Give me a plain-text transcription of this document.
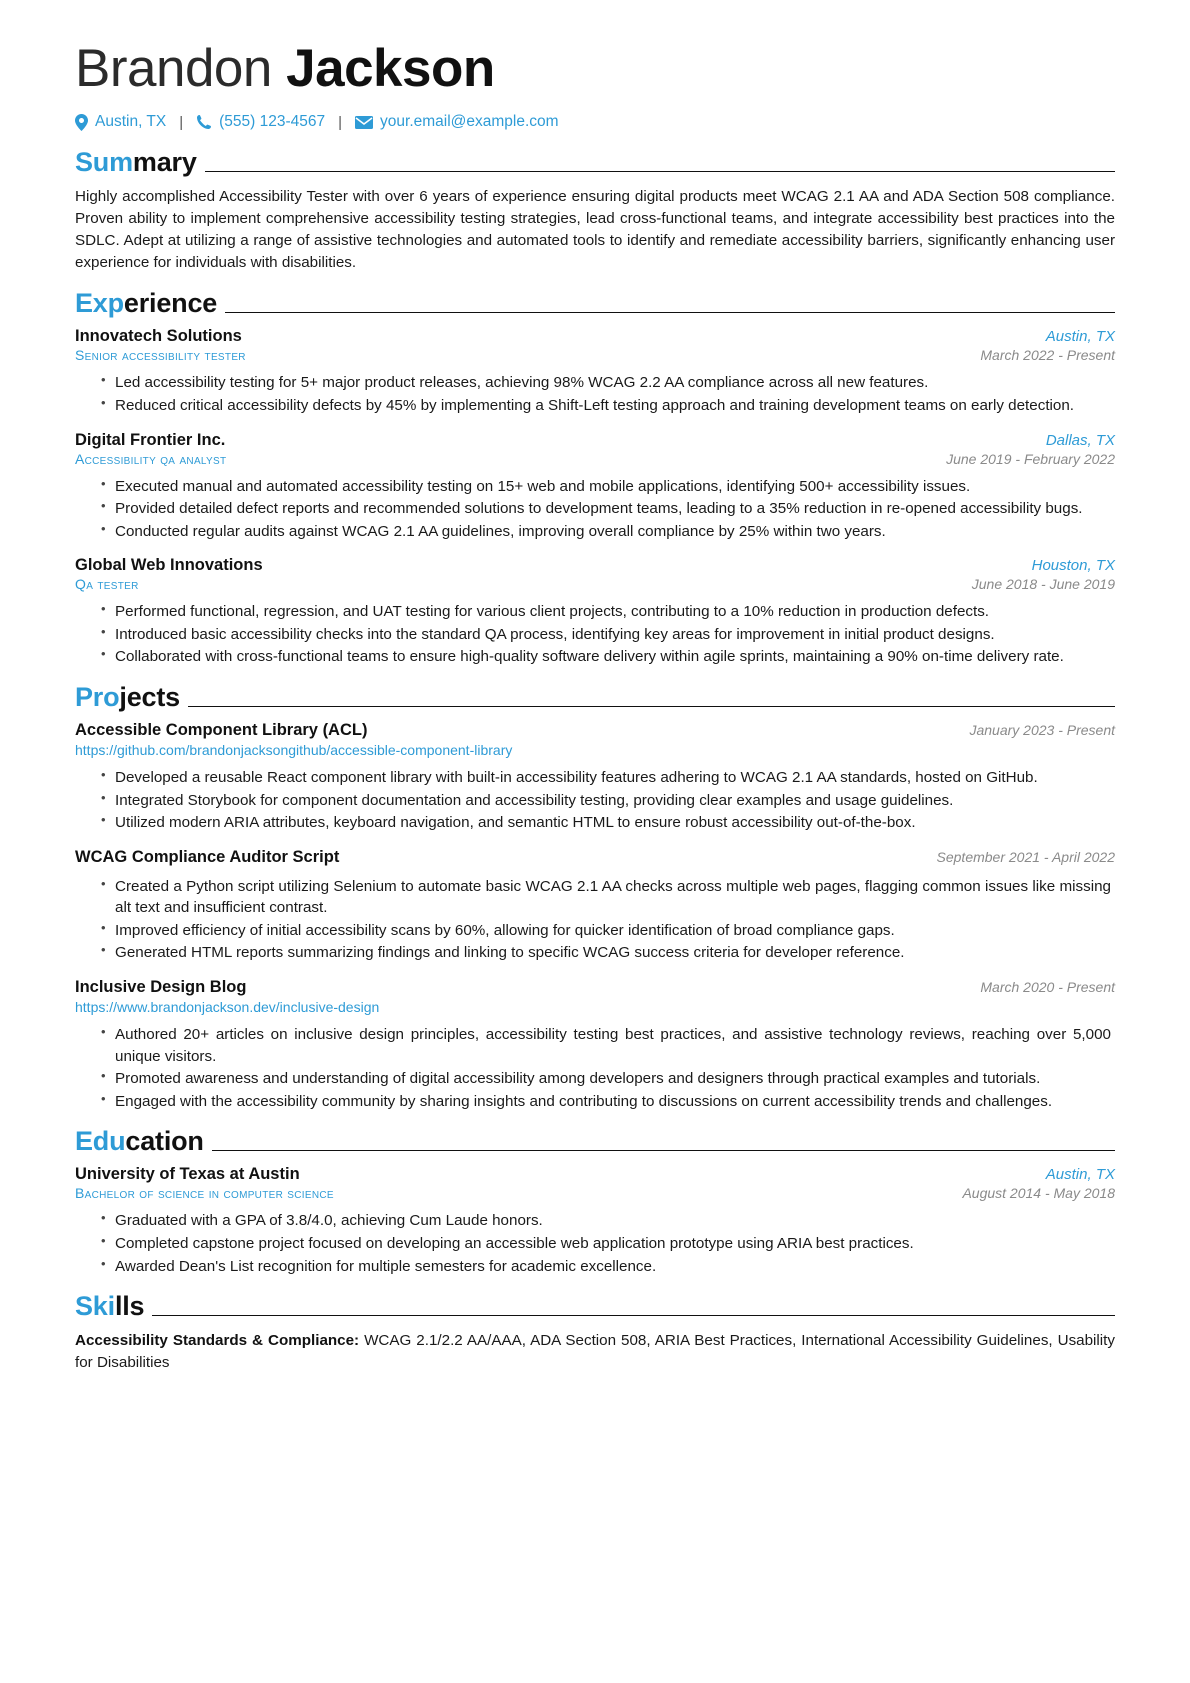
Brandon Jackson
Austin, TX | (555) 123-4567 | your.email@example.com
Summary

Highly accomplished Accessibility Tester with over 6 years of experience ensuring digital products meet WCAG 2.1 AA and ADA Section 508 compliance. Proven ability to implement comprehensive accessibility testing strategies, lead cross-functional teams, and integrate accessibility best practices into the SDLC. Adept at utilizing a range of assistive technologies and automated tools to identify and remediate accessibility barriers, significantly enhancing user experience for individuals with disabilities.

Experience
Innovatech Solutions	Austin, TX
Senior accessibility tester	March 2022 - Present
• Led accessibility testing for 5+ major product releases, achieving 98% WCAG 2.2 AA compliance across all new features.
• Reduced critical accessibility defects by 45% by implementing a Shift-Left testing approach and training development teams on early detection.
Digital Frontier Inc.	Dallas, TX
Accessibility qa analyst	June 2019 - February 2022
• Executed manual and automated accessibility testing on 15+ web and mobile applications, identifying 500+ accessibility issues.
• Provided detailed defect reports and recommended solutions to development teams, leading to a 35% reduction in re-opened accessibility bugs.
• Conducted regular audits against WCAG 2.1 AA guidelines, improving overall compliance by 25% within two years.
Global Web Innovations	Houston, TX
Qa tester	June 2018 - June 2019
• Performed functional, regression, and UAT testing for various client projects, contributing to a 10% reduction in production defects.
• Introduced basic accessibility checks into the standard QA process, identifying key areas for improvement in initial product designs.
• Collaborated with cross-functional teams to ensure high-quality software delivery within agile sprints, maintaining a 90% on-time delivery rate.
Projects
Accessible Component Library (ACL)	January 2023 - Present
https://github.com/brandonjacksongithub/accessible-component-library
• Developed a reusable React component library with built-in accessibility features adhering to WCAG 2.1 AA standards, hosted on GitHub.
• Integrated Storybook for component documentation and accessibility testing, providing clear examples and usage guidelines.
• Utilized modern ARIA attributes, keyboard navigation, and semantic HTML to ensure robust accessibility out-of-the-box.
WCAG Compliance Auditor Script	September 2021 - April 2022
• Created a Python script utilizing Selenium to automate basic WCAG 2.1 AA checks across multiple web pages, flagging common issues like missing alt text and insufficient contrast.
• Improved efficiency of initial accessibility scans by 60%, allowing for quicker identification of broad compliance gaps.
• Generated HTML reports summarizing findings and linking to specific WCAG success criteria for developer reference.
Inclusive Design Blog	March 2020 - Present
https://www.brandonjackson.dev/inclusive-design
• Authored 20+ articles on inclusive design principles, accessibility testing best practices, and assistive technology reviews, reaching over 5,000 unique visitors.
• Promoted awareness and understanding of digital accessibility among developers and designers through practical examples and tutorials.
• Engaged with the accessibility community by sharing insights and contributing to discussions on current accessibility trends and challenges.
Education
University of Texas at Austin	Austin, TX
Bachelor of science in computer science	August 2014 - May 2018
• Graduated with a GPA of 3.8/4.0, achieving Cum Laude honors.
• Completed capstone project focused on developing an accessible web application prototype using ARIA best practices.
• Awarded Dean's List recognition for multiple semesters for academic excellence.
Skills

Accessibility Standards & Compliance: WCAG 2.1/2.2 AA/AAA, ADA Section 508, ARIA Best Practices, International Accessibility Guidelines, Usability for Disabilities
